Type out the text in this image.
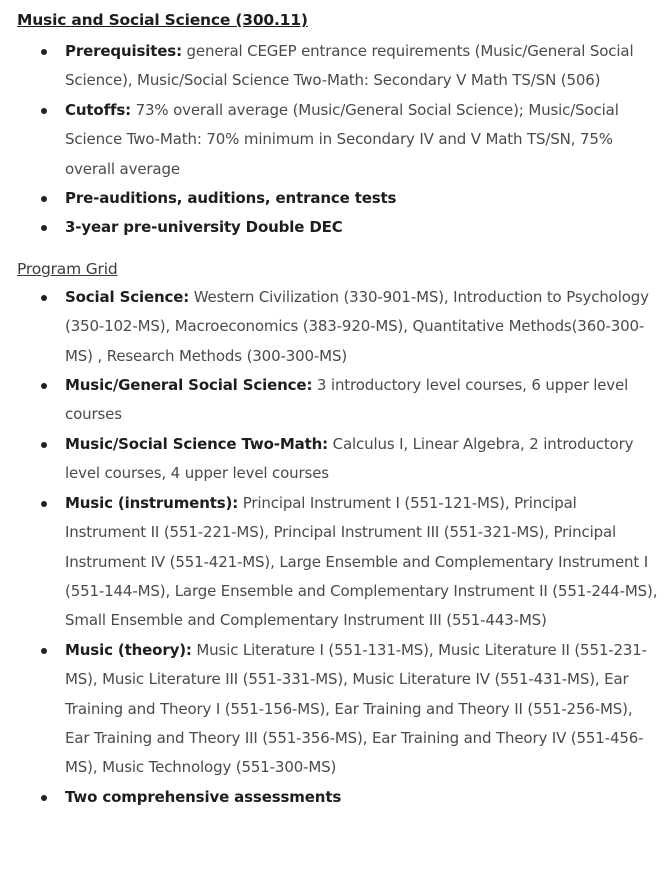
Music and Social Science (300.11)

Prerequisites: general CEGEP entrance requirements (Music/General Social Science), Music/Social Science Two-Math: Secondary V Math TS/SN (506)
Cutoffs: 73% overall average (Music/General Social Science); Music/Social Science Two-Math: 70% minimum in Secondary IV and V Math TS/SN, 75% overall average
Pre-auditions, auditions, entrance tests
3-year pre-university Double DEC

Program Grid

Social Science: Western Civilization (330-901-MS), Introduction to Psychology (350-102-MS), Macroeconomics (383-920-MS), Quantitative Methods(360-300-MS) , Research Methods (300-300-MS)
Music/General Social Science: 3 introductory level courses, 6 upper level courses
Music/Social Science Two-Math: Calculus I, Linear Algebra, 2 introductory level courses, 4 upper level courses
Music (instruments): Principal Instrument I (551-121-MS), Principal Instrument II (551-221-MS), Principal Instrument III (551-321-MS), Principal Instrument IV (551-421-MS), Large Ensemble and Complementary Instrument I (551-144-MS), Large Ensemble and Complementary Instrument II (551-244-MS), Small Ensemble and Complementary Instrument III (551-443-MS)
Music (theory): Music Literature I (551-131-MS), Music Literature II (551-231-MS), Music Literature III (551-331-MS), Music Literature IV (551-431-MS), Ear Training and Theory I (551-156-MS), Ear Training and Theory II (551-256-MS), Ear Training and Theory III (551-356-MS), Ear Training and Theory IV (551-456-MS), Music Technology (551-300-MS)
Two comprehensive assessments
